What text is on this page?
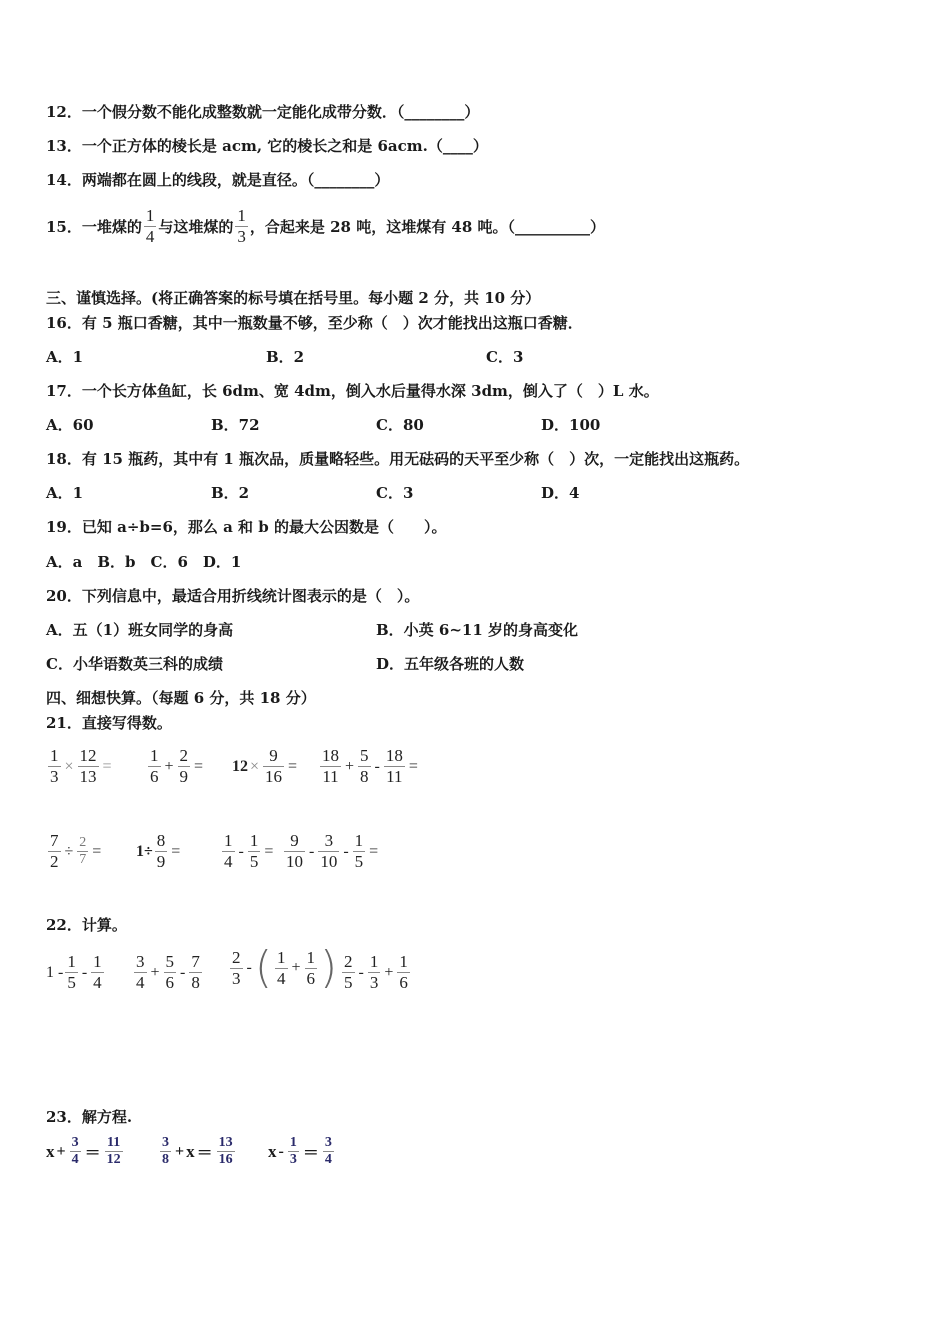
12．一个假分数不能化成整数就一定能化成带分数．（________）
13．一个正方体的棱长是 acm, 它的棱长之和是 6acm.（____）
14．两端都在圆上的线段，就是直径。（________）
15．一堆煤的 $\frac{1}{4}$ 与这堆煤的 $\frac{1}{3}$ ，合起来是 28 吨，这堆煤有 48 吨。（__________）
三、谨慎选择。(将正确答案的标号填在括号里。每小题 2 分，共 10 分）
16．有 5 瓶口香糖，其中一瓶数量不够，至少称（　）次才能找出这瓶口香糖．
A．1	B．2	C．3
17．一个长方体鱼缸，长 6dm、宽 4dm，倒入水后量得水深 3dm，倒入了（　）L 水。
A．60	B．72	C．80	D．100
18．有 15 瓶药，其中有 1 瓶次品，质量略轻些。用无砝码的天平至少称（　）次，一定能找出这瓶药。
A．1	B．2	C．3	D．4
19．已知 a÷b=6，那么 a 和 b 的最大公因数是（　　）。
A．a　B．b　C．6　D．1
20．下列信息中，最适合用折线统计图表示的是（　）。
A．五（1）班女同学的身高	B．小英 6~11 岁的身高变化
C．小华语数英三科的成绩	D．五年级各班的人数
四、细想快算。（每题 6 分，共 18 分）
21．直接写得数。
$\frac{1}{3} \times \frac{12}{13} = \frac{1}{6} + \frac{2}{9} = 12 \times \frac{9}{16} = \frac{18}{11} + \frac{5}{8} - \frac{18}{11}$ =
$\frac{7}{2} \div \frac{2}{7} = 1\div \frac{8}{9} = \frac{1}{4} - \frac{1}{5} = \frac{9}{10} - \frac{3}{10} - \frac{1}{5}$ =
22．计算。
$1 - \frac{1}{5} - \frac{1}{4} \frac{3}{4} + \frac{5}{6} - \frac{7}{8} \frac{2}{3}$ - ( $\frac{1}{4} + \frac{1}{6}$ ) $\frac{2}{5} - \frac{1}{3} + \frac{1}{6}$
23．解方程.
$x + \frac{3}{4} = \frac{11}{12}$	$\frac{3}{8} + x = \frac{13}{16}$ $x - \frac{1}{3} = \frac{3}{4}$
